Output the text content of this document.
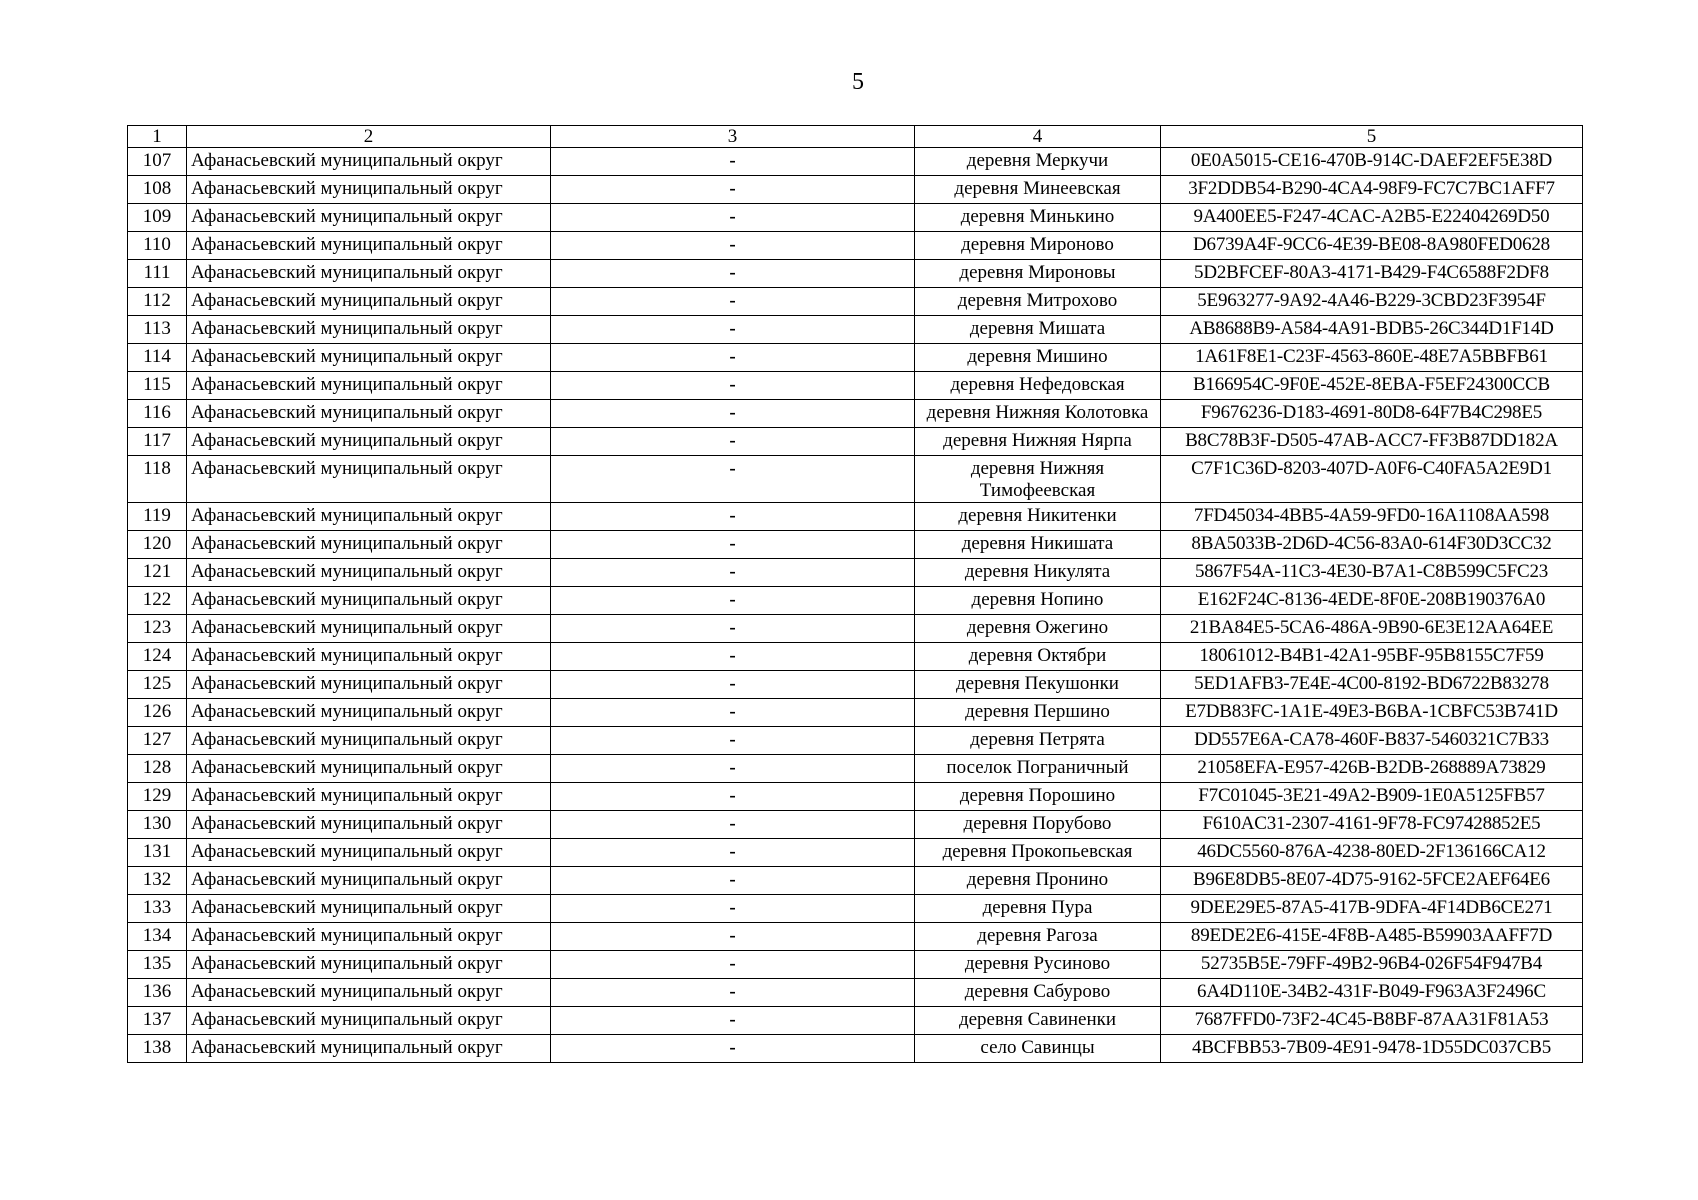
5
1	2	3	4	5
107	Афанасьевский муниципальный округ	-	деревня Меркучи	0E0A5015-CE16-470B-914C-DAEF2EF5E38D
108	Афанасьевский муниципальный округ	-	деревня Минеевская	3F2DDB54-B290-4CA4-98F9-FC7C7BC1AFF7
109	Афанасьевский муниципальный округ	-	деревня Минькино	9A400EE5-F247-4CAC-A2B5-E22404269D50
110	Афанасьевский муниципальный округ	-	деревня Мироново	D6739A4F-9CC6-4E39-BE08-8A980FED0628
111	Афанасьевский муниципальный округ	-	деревня Мироновы	5D2BFCEF-80A3-4171-B429-F4C6588F2DF8
112	Афанасьевский муниципальный округ	-	деревня Митрохово	5E963277-9A92-4A46-B229-3CBD23F3954F
113	Афанасьевский муниципальный округ	-	деревня Мишата	AB8688B9-A584-4A91-BDB5-26C344D1F14D
114	Афанасьевский муниципальный округ	-	деревня Мишино	1A61F8E1-C23F-4563-860E-48E7A5BBFB61
115	Афанасьевский муниципальный округ	-	деревня Нефедовская	B166954C-9F0E-452E-8EBA-F5EF24300CCB
116	Афанасьевский муниципальный округ	-	деревня Нижняя Колотовка	F9676236-D183-4691-80D8-64F7B4C298E5
117	Афанасьевский муниципальный округ	-	деревня Нижняя Нярпа	B8C78B3F-D505-47AB-ACC7-FF3B87DD182A
118	Афанасьевский муниципальный округ	-	деревня Нижняя Тимофеевская	C7F1C36D-8203-407D-A0F6-C40FA5A2E9D1
119	Афанасьевский муниципальный округ	-	деревня Никитенки	7FD45034-4BB5-4A59-9FD0-16A1108AA598
120	Афанасьевский муниципальный округ	-	деревня Никишата	8BA5033B-2D6D-4C56-83A0-614F30D3CC32
121	Афанасьевский муниципальный округ	-	деревня Никулята	5867F54A-11C3-4E30-B7A1-C8B599C5FC23
122	Афанасьевский муниципальный округ	-	деревня Нопино	E162F24C-8136-4EDE-8F0E-208B190376A0
123	Афанасьевский муниципальный округ	-	деревня Ожегино	21BA84E5-5CA6-486A-9B90-6E3E12AA64EE
124	Афанасьевский муниципальный округ	-	деревня Октябри	18061012-B4B1-42A1-95BF-95B8155C7F59
125	Афанасьевский муниципальный округ	-	деревня Пекушонки	5ED1AFB3-7E4E-4C00-8192-BD6722B83278
126	Афанасьевский муниципальный округ	-	деревня Першино	E7DB83FC-1A1E-49E3-B6BA-1CBFC53B741D
127	Афанасьевский муниципальный округ	-	деревня Петрята	DD557E6A-CA78-460F-B837-5460321C7B33
128	Афанасьевский муниципальный округ	-	поселок Пограничный	21058EFA-E957-426B-B2DB-268889A73829
129	Афанасьевский муниципальный округ	-	деревня Порошино	F7C01045-3E21-49A2-B909-1E0A5125FB57
130	Афанасьевский муниципальный округ	-	деревня Порубово	F610AC31-2307-4161-9F78-FC97428852E5
131	Афанасьевский муниципальный округ	-	деревня Прокопьевская	46DC5560-876A-4238-80ED-2F136166CA12
132	Афанасьевский муниципальный округ	-	деревня Пронино	B96E8DB5-8E07-4D75-9162-5FCE2AEF64E6
133	Афанасьевский муниципальный округ	-	деревня Пура	9DEE29E5-87A5-417B-9DFA-4F14DB6CE271
134	Афанасьевский муниципальный округ	-	деревня Рагоза	89EDE2E6-415E-4F8B-A485-B59903AAFF7D
135	Афанасьевский муниципальный округ	-	деревня Русиново	52735B5E-79FF-49B2-96B4-026F54F947B4
136	Афанасьевский муниципальный округ	-	деревня Сабурово	6A4D110E-34B2-431F-B049-F963A3F2496C
137	Афанасьевский муниципальный округ	-	деревня Савиненки	7687FFD0-73F2-4C45-B8BF-87AA31F81A53
138	Афанасьевский муниципальный округ	-	село Савинцы	4BCFBB53-7B09-4E91-9478-1D55DC037CB5
